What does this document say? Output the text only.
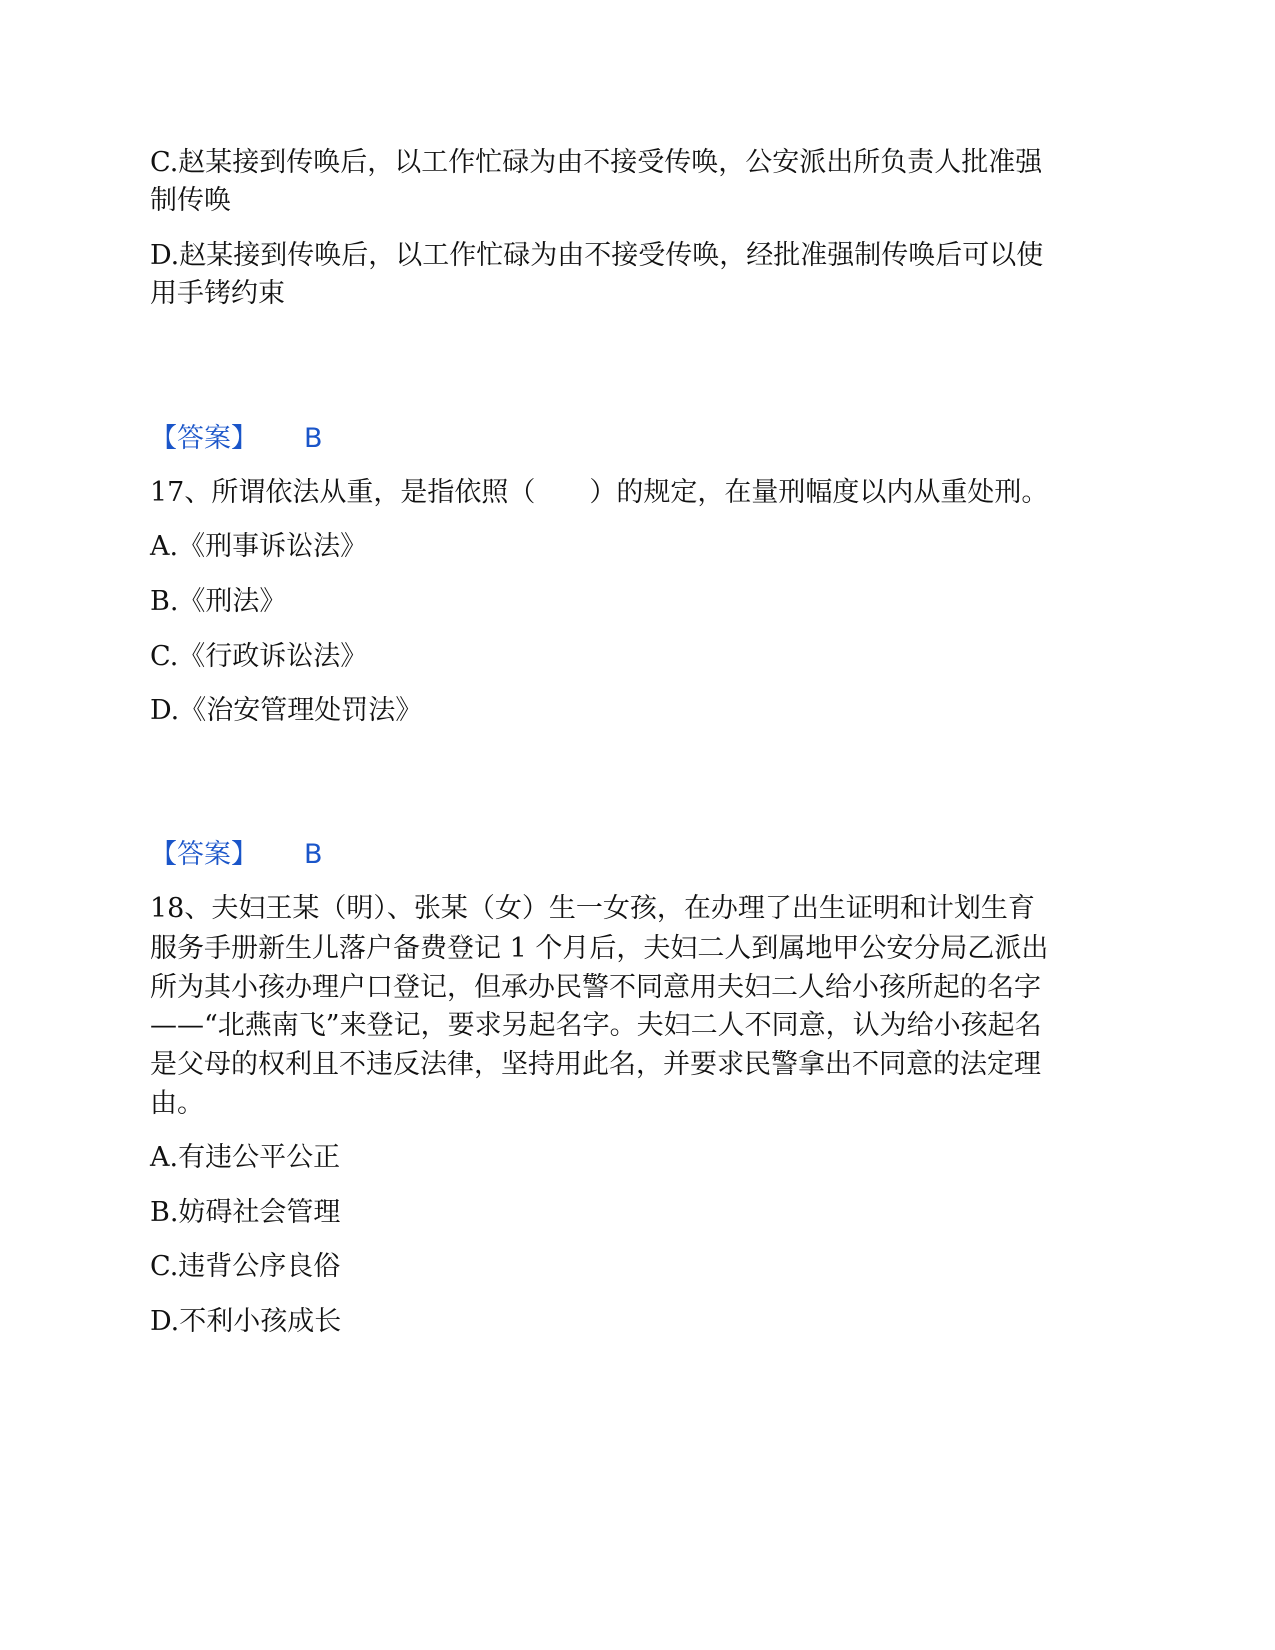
C.赵某接到传唤后，以工作忙碌为由不接受传唤，公安派出所负责人批准强
制传唤
D.赵某接到传唤后，以工作忙碌为由不接受传唤，经批准强制传唤后可以使
用手铐约束
【答案】 B
17、所谓依法从重，是指依照（　　）的规定，在量刑幅度以内从重处刑。
A.《刑事诉讼法》
B.《刑法》
C.《行政诉讼法》
D.《治安管理处罚法》
【答案】 B
18、夫妇王某（明）、张某（女）生一女孩，在办理了出生证明和计划生育
服务手册新生儿落户备费登记 1 个月后，夫妇二人到属地甲公安分局乙派出
所为其小孩办理户口登记，但承办民警不同意用夫妇二人给小孩所起的名字
——“北燕南飞”来登记，要求另起名字。夫妇二人不同意，认为给小孩起名
是父母的权利且不违反法律，坚持用此名，并要求民警拿出不同意的法定理
由。
A.有违公平公正
B.妨碍社会管理
C.违背公序良俗
D.不利小孩成长
